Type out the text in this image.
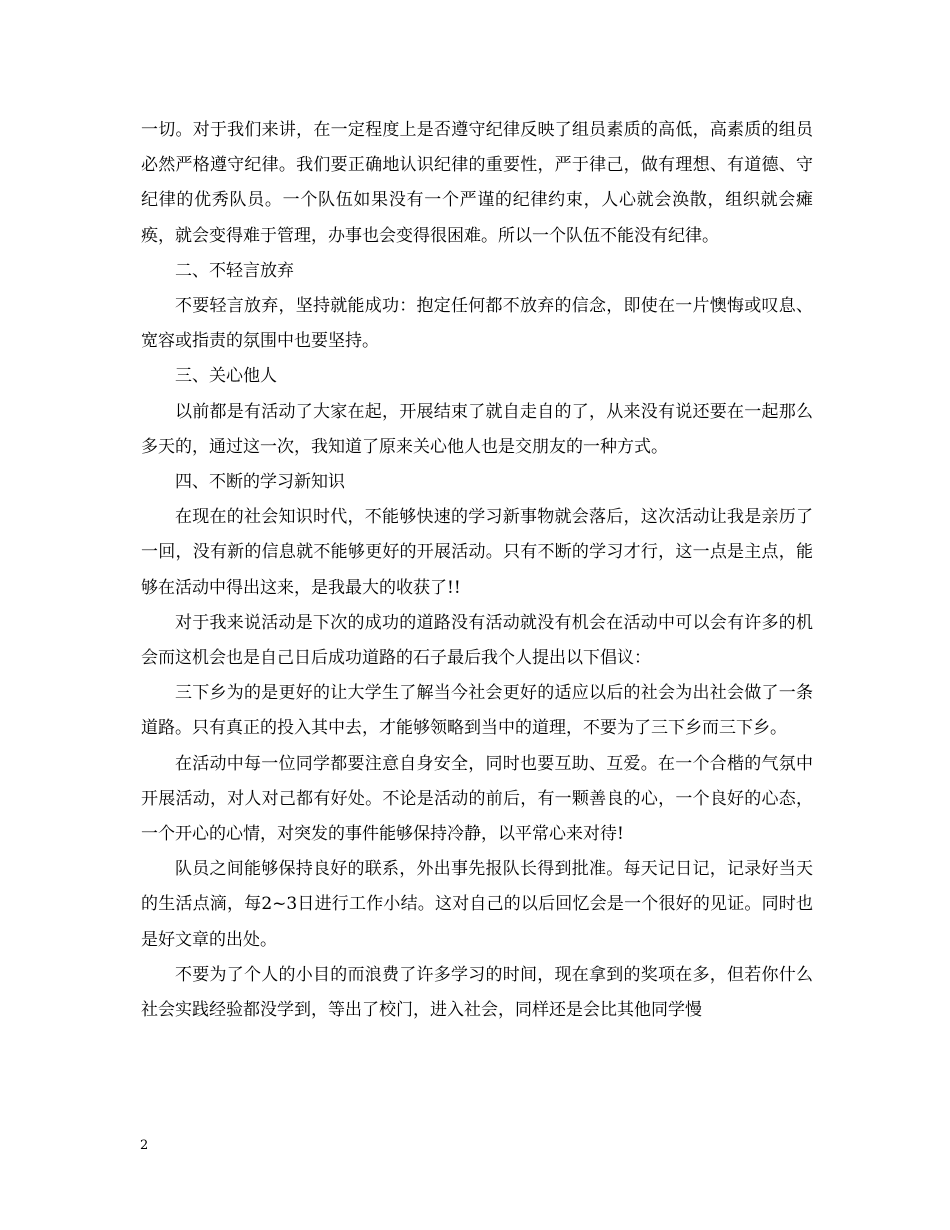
一切。对于我们来讲，在一定程度上是否遵守纪律反映了组员素质的高低，高素质的组员必然严格遵守纪律。我们要正确地认识纪律的重要性，严于律己，做有理想、有道德、守纪律的优秀队员。一个队伍如果没有一个严谨的纪律约束，人心就会涣散，组织就会瘫痪，就会变得难于管理，办事也会变得很困难。所以一个队伍不能没有纪律。

二、不轻言放弃

不要轻言放弃，坚持就能成功：抱定任何都不放弃的信念，即使在一片懊悔或叹息、宽容或指责的氛围中也要坚持。

三、关心他人

以前都是有活动了大家在起，开展结束了就自走自的了，从来没有说还要在一起那么多天的，通过这一次，我知道了原来关心他人也是交朋友的一种方式。

四、不断的学习新知识

在现在的社会知识时代，不能够快速的学习新事物就会落后，这次活动让我是亲历了一回，没有新的信息就不能够更好的开展活动。只有不断的学习才行，这一点是主点，能够在活动中得出这来，是我最大的收获了!!

对于我来说活动是下次的成功的道路没有活动就没有机会在活动中可以会有许多的机会而这机会也是自己日后成功道路的石子最后我个人提出以下倡议：

三下乡为的是更好的让大学生了解当今社会更好的适应以后的社会为出社会做了一条道路。只有真正的投入其中去，才能够领略到当中的道理，不要为了三下乡而三下乡。

在活动中每一位同学都要注意自身安全，同时也要互助、互爱。在一个合楷的气氛中开展活动，对人对己都有好处。不论是活动的前后，有一颗善良的心，一个良好的心态，一个开心的心情，对突发的事件能够保持冷静，以平常心来对待!

队员之间能够保持良好的联系，外出事先报队长得到批准。每天记日记，记录好当天的生活点滴，每2~3日进行工作小结。这对自己的以后回忆会是一个很好的见证。同时也是好文章的出处。

不要为了个人的小目的而浪费了许多学习的时间，现在拿到的奖项在多，但若你什么社会实践经验都没学到，等出了校门，进入社会，同样还是会比其他同学慢

2
